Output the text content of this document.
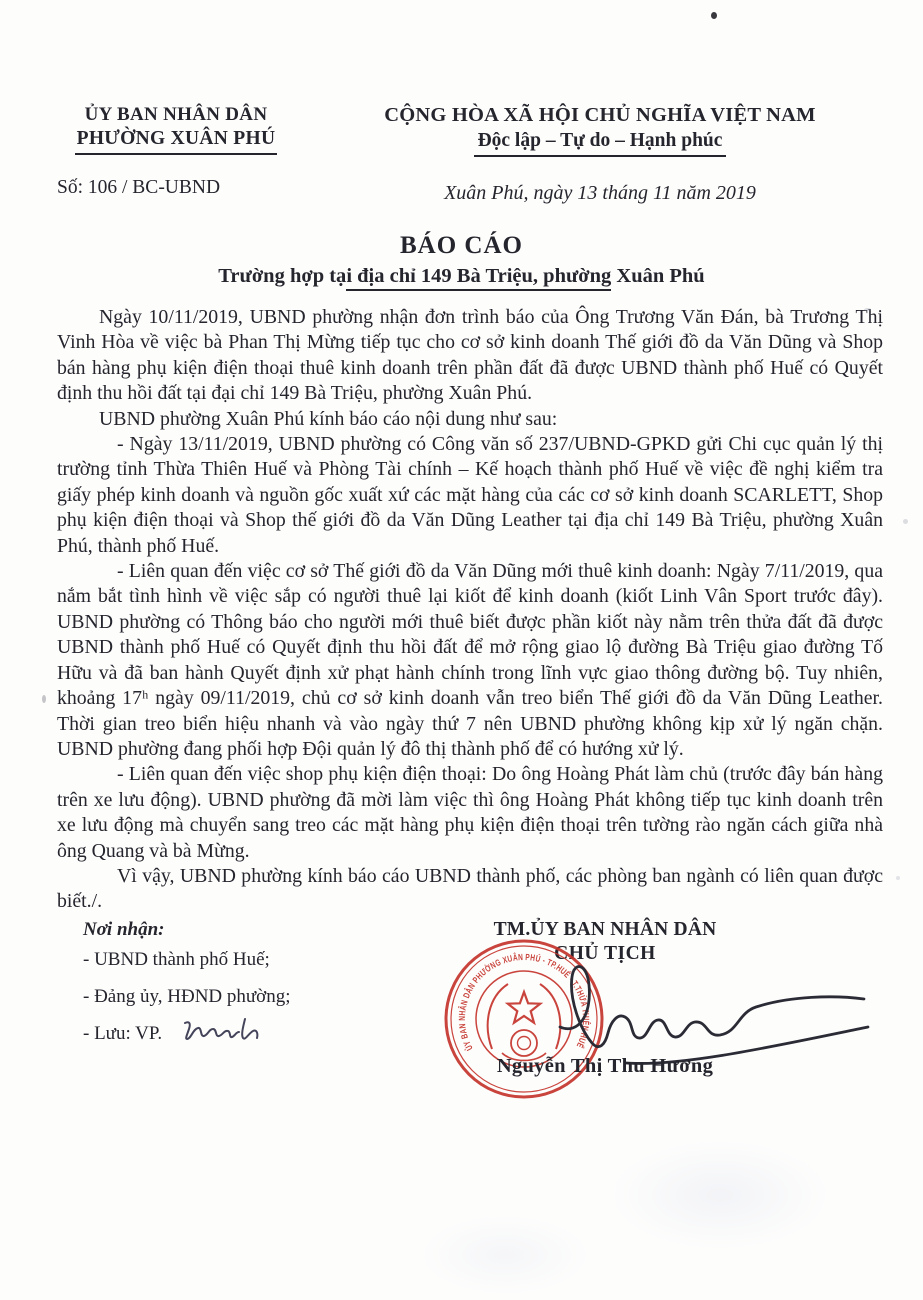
ỦY BAN NHÂN DÂN
PHƯỜNG XUÂN PHÚ
Số: 106 / BC-UBND
CỘNG HÒA XÃ HỘI CHỦ NGHĨA VIỆT NAM
Độc lập – Tự do – Hạnh phúc
Xuân Phú, ngày 13 tháng 11 năm 2019
BÁO CÁO
Trường hợp tại địa chỉ 149 Bà Triệu, phường Xuân Phú

Ngày 10/11/2019, UBND phường nhận đơn trình báo của Ông Trương Văn Đán, bà Trương Thị Vinh Hòa về việc bà Phan Thị Mừng tiếp tục cho cơ sở kinh doanh Thế giới đồ da Văn Dũng và Shop bán hàng phụ kiện điện thoại thuê kinh doanh trên phần đất đã được UBND thành phố Huế có Quyết định thu hồi đất tại đại chỉ 149 Bà Triệu, phường Xuân Phú.

UBND phường Xuân Phú kính báo cáo nội dung như sau:

- Ngày 13/11/2019, UBND phường có Công văn số 237/UBND-GPKD gửi Chi cục quản lý thị trường tỉnh Thừa Thiên Huế và Phòng Tài chính – Kế hoạch thành phố Huế về việc đề nghị kiểm tra giấy phép kinh doanh và nguồn gốc xuất xứ các mặt hàng của các cơ sở kinh doanh SCARLETT, Shop phụ kiện điện thoại và Shop thế giới đồ da Văn Dũng Leather tại địa chỉ 149 Bà Triệu, phường Xuân Phú, thành phố Huế.

- Liên quan đến việc cơ sở Thế giới đồ da Văn Dũng mới thuê kinh doanh: Ngày 7/11/2019, qua nắm bắt tình hình về việc sắp có người thuê lại kiốt để kinh doanh (kiốt Linh Vân Sport trước đây). UBND phường có Thông báo cho người mới thuê biết được phần kiốt này nằm trên thửa đất đã được UBND thành phố Huế có Quyết định thu hồi đất để mở rộng giao lộ đường Bà Triệu giao đường Tố Hữu và đã ban hành Quyết định xử phạt hành chính trong lĩnh vực giao thông đường bộ. Tuy nhiên, khoảng 17ʰ ngày 09/11/2019, chủ cơ sở kinh doanh vẫn treo biển Thế giới đồ da Văn Dũng Leather. Thời gian treo biển hiệu nhanh và vào ngày thứ 7 nên UBND phường không kịp xử lý ngăn chặn. UBND phường đang phối hợp Đội quản lý đô thị thành phố để có hướng xử lý.

- Liên quan đến việc shop phụ kiện điện thoại: Do ông Hoàng Phát làm chủ (trước đây bán hàng trên xe lưu động). UBND phường đã mời làm việc thì ông Hoàng Phát không tiếp tục kinh doanh trên xe lưu động mà chuyển sang treo các mặt hàng phụ kiện điện thoại trên tường rào ngăn cách giữa nhà ông Quang và bà Mừng.

Vì vậy, UBND phường kính báo cáo UBND thành phố, các phòng ban ngành có liên quan được biết./.

Nơi nhận:
- UBND thành phố Huế;
- Đảng ủy, HĐND phường;
- Lưu: VP.
TM.ỦY BAN NHÂN DÂN
CHỦ TỊCH
ỦY BAN NHÂN DÂN PHƯỜNG XUÂN PHÚ - TP.HUẾ - T.THỪA THIÊN HUẾ
Nguyễn Thị Thu Hương
